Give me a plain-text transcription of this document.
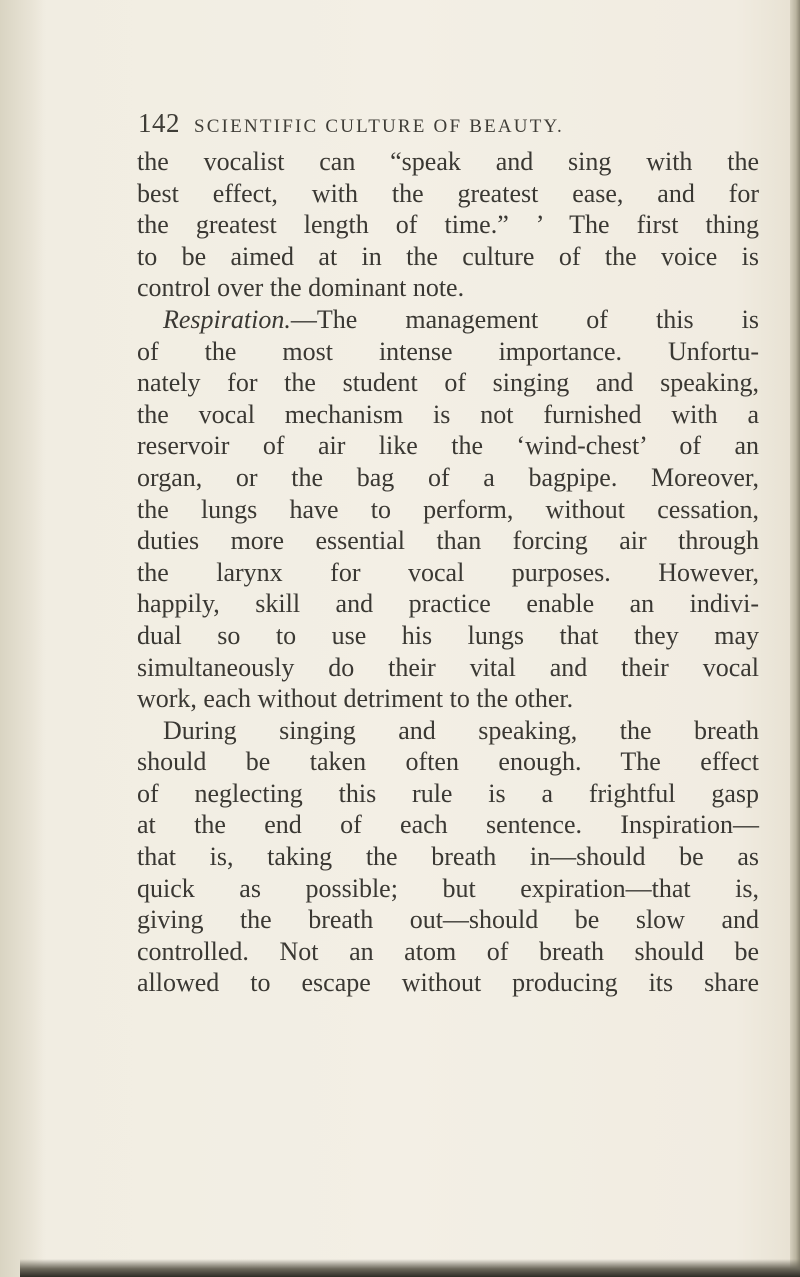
142 SCIENTIFIC CULTURE OF BEAUTY.
the vocalist can “speak and sing with the
best effect, with the greatest ease, and for
the greatest length of time.” ’ The first thing
to be aimed at in the culture of the voice is
control over the dominant note.
Respiration.—The management of this is
of the most intense importance. Unfortu-
nately for the student of singing and speaking,
the vocal mechanism is not furnished with a
reservoir of air like the ‘wind-chest’ of an
organ, or the bag of a bagpipe. Moreover,
the lungs have to perform, without cessation,
duties more essential than forcing air through
the larynx for vocal purposes. However,
happily, skill and practice enable an indivi-
dual so to use his lungs that they may
simultaneously do their vital and their vocal
work, each without detriment to the other.
During singing and speaking, the breath
should be taken often enough. The effect
of neglecting this rule is a frightful gasp
at the end of each sentence. Inspiration—
that is, taking the breath in—should be as
quick as possible; but expiration—that is,
giving the breath out—should be slow and
controlled. Not an atom of breath should be
allowed to escape without producing its share
